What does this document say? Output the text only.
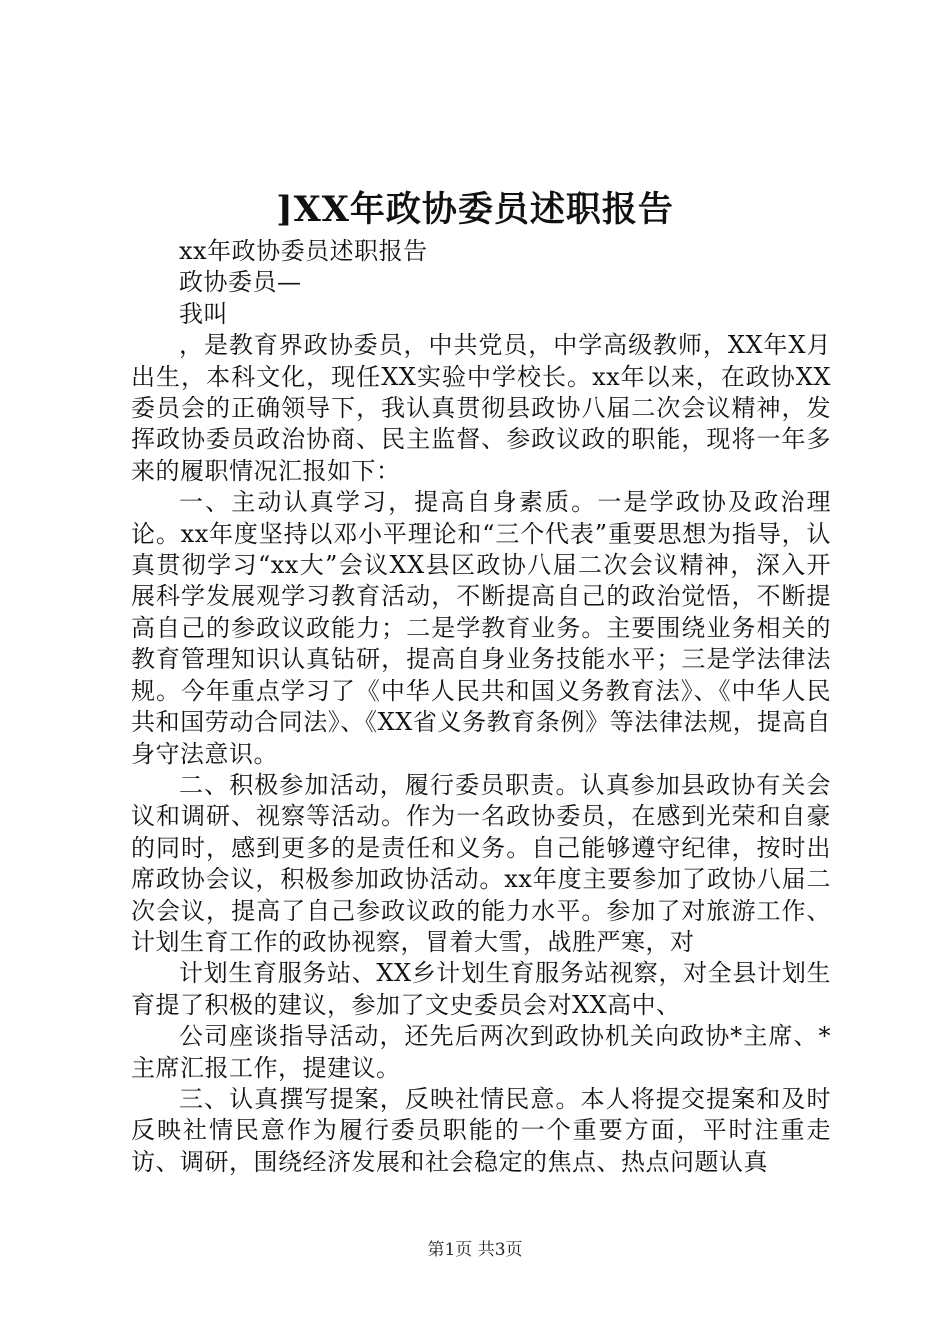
]XX年政协委员述职报告

xx年政协委员述职报告

政协委员—

我叫

，是教育界政协委员，中共党员，中学高级教师，XX年X月出生，本科文化，现任XX实验中学校长。xx年以来，在政协XX委员会的正确领导下，我认真贯彻县政协八届二次会议精神，发挥政协委员政治协商、民主监督、参政议政的职能，现将一年多来的履职情况汇报如下：

一、主动认真学习，提高自身素质。一是学政协及政治理论。xx年度坚持以邓小平理论和“三个代表”重要思想为指导，认真贯彻学习“xx大”会议XX县区政协八届二次会议精神，深入开展科学发展观学习教育活动，不断提高自己的政治觉悟，不断提高自己的参政议政能力；二是学教育业务。主要围绕业务相关的教育管理知识认真钻研，提高自身业务技能水平；三是学法律法规。今年重点学习了《中华人民共和国义务教育法》、《中华人民共和国劳动合同法》、《XX省义务教育条例》等法律法规，提高自身守法意识。

二、积极参加活动，履行委员职责。认真参加县政协有关会议和调研、视察等活动。作为一名政协委员，在感到光荣和自豪的同时，感到更多的是责任和义务。自己能够遵守纪律，按时出席政协会议，积极参加政协活动。xx年度主要参加了政协八届二次会议，提高了自己参政议政的能力水平。参加了对旅游工作、计划生育工作的政协视察，冒着大雪，战胜严寒，对

计划生育服务站、XX乡计划生育服务站视察，对全县计划生育提了积极的建议，参加了文史委员会对XX高中、

公司座谈指导活动，还先后两次到政协机关向政协*主席、*主席汇报工作，提建议。

三、认真撰写提案，反映社情民意。本人将提交提案和及时反映社情民意作为履行委员职能的一个重要方面，平时注重走访、调研，围绕经济发展和社会稳定的焦点、热点问题认真

第1页 共3页
